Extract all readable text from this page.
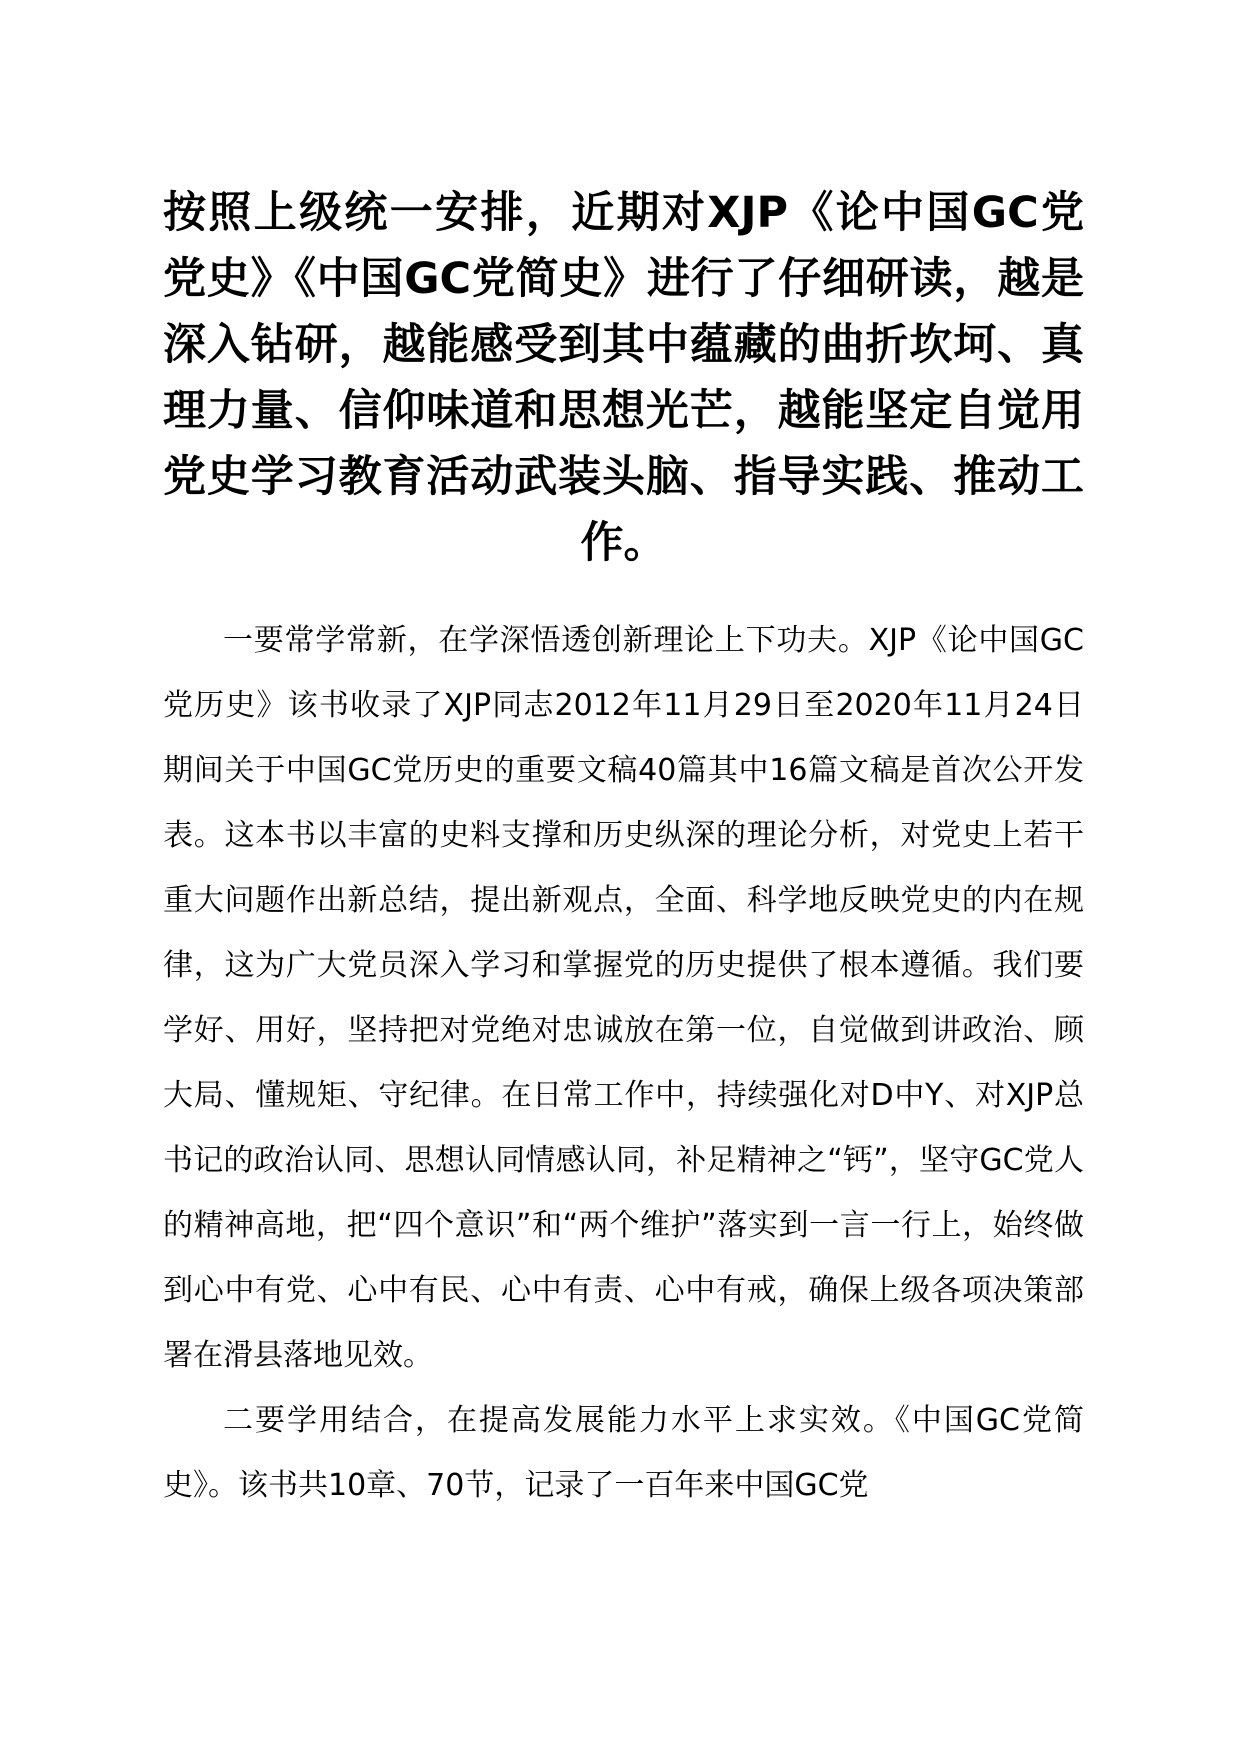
按照上级统一安排，近期对XJP《论中国GC党党史》《中国GC党简史》进行了仔细研读，越是深入钻研，越能感受到其中蕴藏的曲折坎坷、真理力量、信仰味道和思想光芒，越能坚定自觉用党史学习教育活动武装头脑、指导实践、推动工作。

一要常学常新，在学深悟透创新理论上下功夫。XJP《论中国GC党历史》该书收录了XJP同志2012年11月29日至2020年11月24日期间关于中国GC党历史的重要文稿40篇其中16篇文稿是首次公开发表。这本书以丰富的史料支撑和历史纵深的理论分析，对党史上若干重大问题作出新总结，提出新观点，全面、科学地反映党史的内在规律，这为广大党员深入学习和掌握党的历史提供了根本遵循。我们要学好、用好，坚持把对党绝对忠诚放在第一位，自觉做到讲政治、顾大局、懂规矩、守纪律。在日常工作中，持续强化对D中Y、对XJP总书记的政治认同、思想认同情感认同，补足精神之“钙”，坚守GC党人的精神高地，把“四个意识”和“两个维护”落实到一言一行上，始终做到心中有党、心中有民、心中有责、心中有戒，确保上级各项决策部署在滑县落地见效。

二要学用结合，在提高发展能力水平上求实效。《中国GC党简史》。该书共10章、70节，记录了一百年来中国GC党
